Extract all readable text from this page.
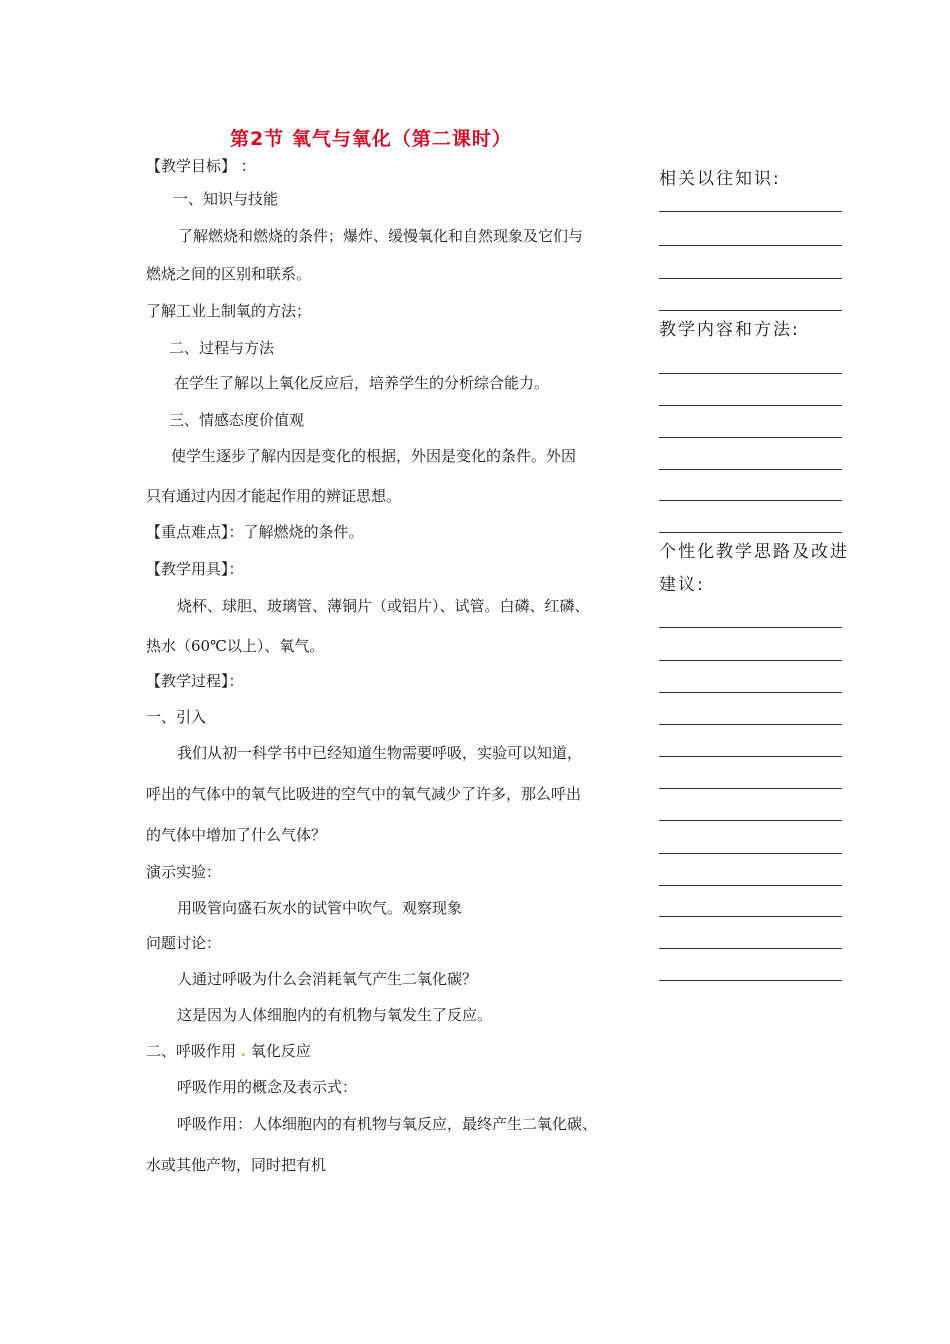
第2节 氧气与氧化（第二课时）
【教学目标】 ：
一、知识与技能
了解燃烧和燃烧的条件；爆炸、缓慢氧化和自然现象及它们与
燃烧之间的区别和联系。
了解工业上制氧的方法；
二、过程与方法
在学生了解以上氧化反应后，培养学生的分析综合能力。
三、情感态度价值观
使学生逐步了解内因是变化的根据，外因是变化的条件。外因
只有通过内因才能起作用的辨证思想。
【重点难点】：了解燃烧的条件。
【教学用具】：
烧杯、球胆、玻璃管、薄铜片（或铝片）、试管。白磷、红磷、
热水（60℃以上）、氧气。
【教学过程】：
一、引入
我们从初一科学书中已经知道生物需要呼吸，实验可以知道，
呼出的气体中的氧气比吸进的空气中的氧气减少了许多，那么呼出
的气体中增加了什么气体？
演示实验：
用吸管向盛石灰水的试管中吹气。观察现象
问题讨论：
人通过呼吸为什么会消耗氧气产生二氧化碳？
这是因为人体细胞内的有机物与氧发生了反应。
二、呼吸作用 . 氧化反应
呼吸作用的概念及表示式：
呼吸作用：人体细胞内的有机物与氧反应，最终产生二氧化碳、
水或其他产物，同时把有机
相关以往知识:
教学内容和方法:
个性化教学思路及改进
建议:
